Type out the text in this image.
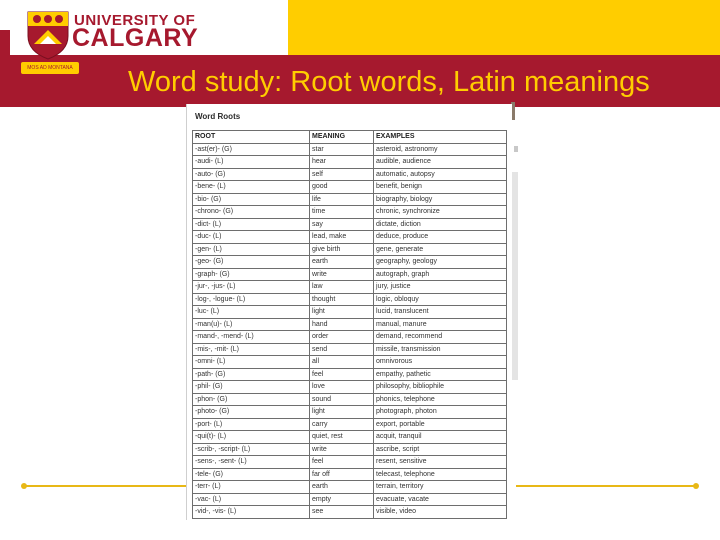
UNIVERSITY OF
CALGARY
MOS AD MONTANA Word study: Root words, Latin meanings
Word Roots
ROOT	MEANING	EXAMPLES
-ast(er)- (G)	star	asteroid, astronomy
-audi- (L)	hear	audible, audience
-auto- (G)	self	automatic, autopsy
-bene- (L)	good	benefit, benign
-bio- (G)	life	biography, biology
-chrono- (G)	time	chronic, synchronize
-dict- (L)	say	dictate, diction
-duc- (L)	lead, make	deduce, produce
-gen- (L)	give birth	gene, generate
-geo- (G)	earth	geography, geology
-graph- (G)	write	autograph, graph
-jur-, -jus- (L)	law	jury, justice
-log-, -logue- (L)	thought	logic, obloquy
-luc- (L)	light	lucid, translucent
-man(u)- (L)	hand	manual, manure
-mand-, -mend- (L)	order	demand, recommend
-mis-, -mit- (L)	send	missile, transmission
-omni- (L)	all	omnivorous
-path- (G)	feel	empathy, pathetic
-phil- (G)	love	philosophy, bibliophile
-phon- (G)	sound	phonics, telephone
-photo- (G)	light	photograph, photon
-port- (L)	carry	export, portable
-qui(t)- (L)	quiet, rest	acquit, tranquil
-scrib-, -script- (L)	write	ascribe, script
-sens-, -sent- (L)	feel	resent, sensitive
-tele- (G)	far off	telecast, telephone
-terr- (L)	earth	terrain, territory
-vac- (L)	empty	evacuate, vacate
-vid-, -vis- (L)	see	visible, video
